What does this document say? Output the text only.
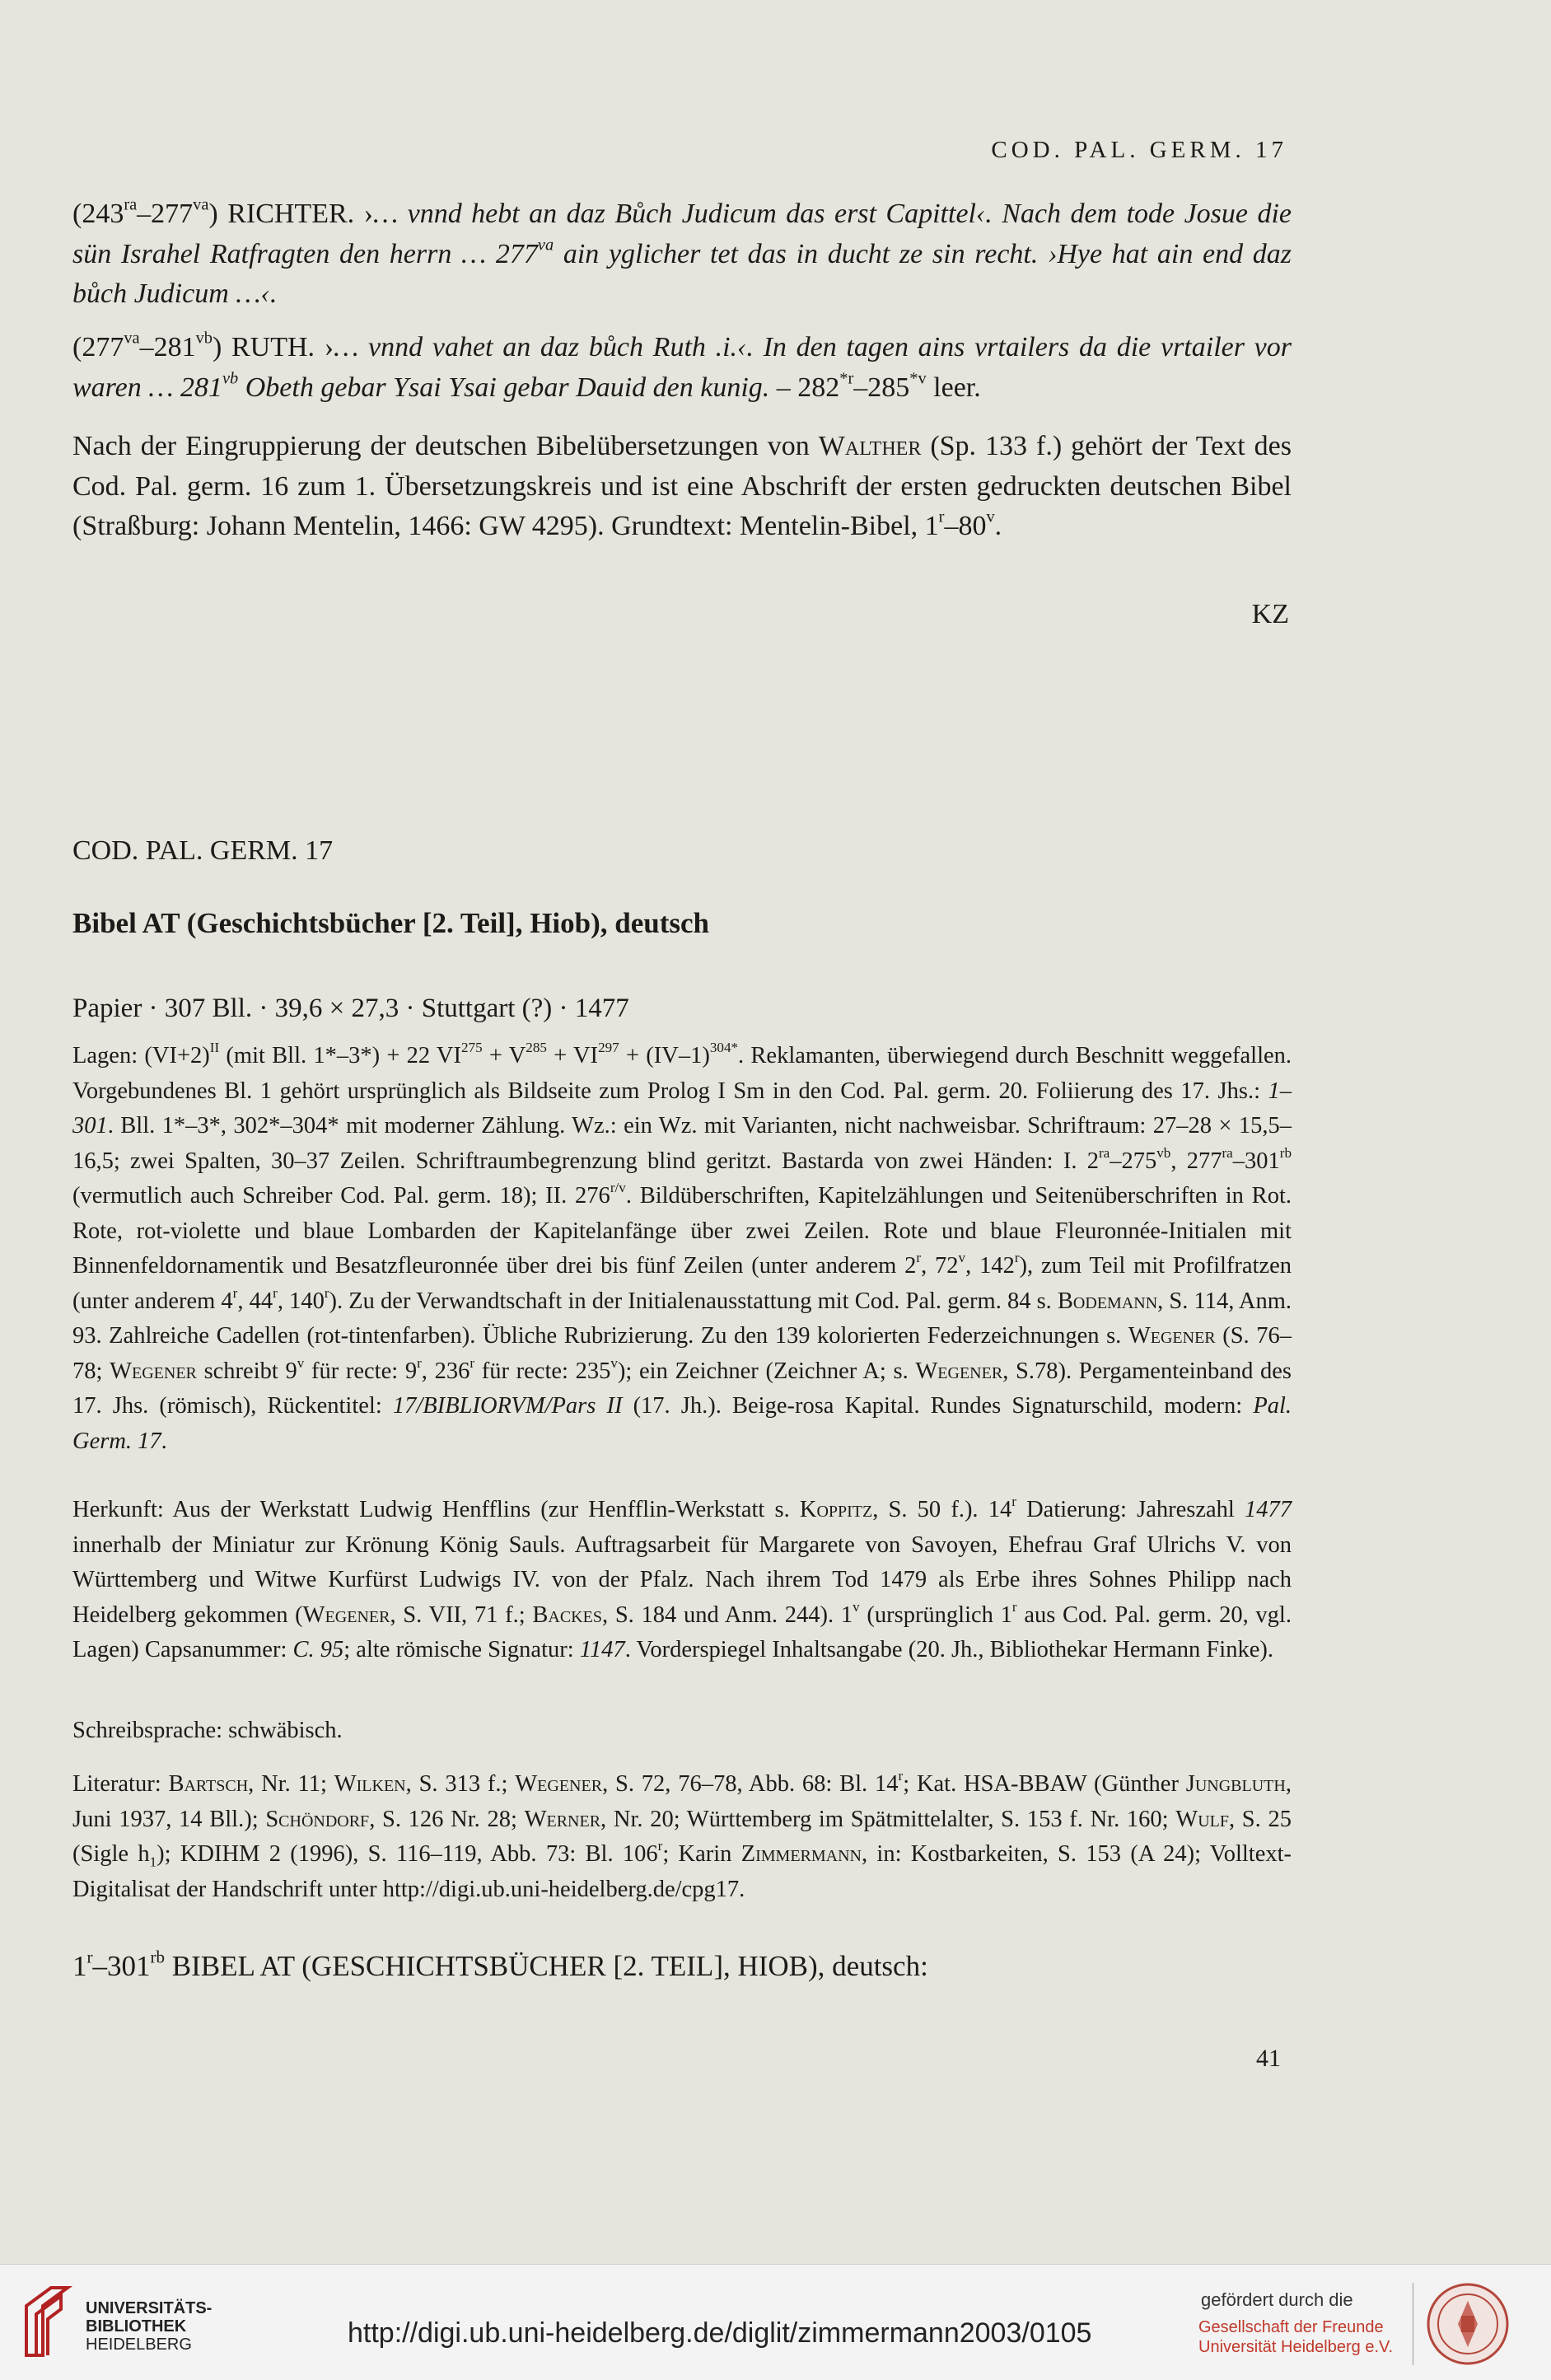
COD. PAL. GERM. 17

$(243^{ra}-277^{va})$ RICHTER. ›… vnnd hebt an daz Bůch Judicum das erst Capittel‹. Nach dem tode Josue die sün Israhel Ratfragten den herrn … $277^{va}$ ain yglicher tet das in ducht ze sin recht. ›Hye hat ain end daz bůch Judicum …‹.

$(277^{va}-281^{vb})$ RUTH. ›… vnnd vahet an daz bůch Ruth .i.‹. In den tagen ains vrtailers da die vrtailer vor waren … $281^{vb}$ Obeth gebar Ysai Ysai gebar Dauid den kunig. – 282$^{*r}$–285$^{*v}$ leer.

Nach der Eingruppierung der deutschen Bibelübersetzungen von Walther (Sp. 133 f.) gehört der Text des Cod. Pal. germ. 16 zum 1. Übersetzungskreis und ist eine Abschrift der ersten gedruckten deutschen Bibel (Straßburg: Johann Mentelin, 1466: GW 4295). Grundtext: Mentelin-Bibel, 1$^r$–80$^v$.

KZ
COD. PAL. GERM. 17
Bibel AT (Geschichtsbücher [2. Teil], Hiob), deutsch
Papier · 307 Bll. · 39,6 × 27,3 · Stuttgart (?) · 1477

Lagen: $(VI+2)^{II}$ (mit Bll. 1*–3*) + 22 $VI^{275} + V^{285} + VI^{297} + (IV-1)^{304*}$. Reklamanten, überwiegend durch Beschnitt weggefallen. Vorgebundenes Bl. 1 gehört ursprünglich als Bildseite zum Prolog I Sm in den Cod. Pal. germ. 20. Foliierung des 17. Jhs.: 1–301. Bll. 1*–3*, 302*–304* mit moderner Zählung. Wz.: ein Wz. mit Varianten, nicht nachweisbar. Schriftraum: 27–28 × 15,5–16,5; zwei Spalten, 30–37 Zeilen. Schriftraumbegrenzung blind geritzt. Bastarda von zwei Händen: I. $2^{ra}-275^{vb}$, $277^{ra}-301^{rb}$ (vermutlich auch Schreiber Cod. Pal. germ. 18); II. $276^{r/v}$. Bildüberschriften, Kapitelzählungen und Seitenüberschriften in Rot. Rote, rot-violette und blaue Lombarden der Kapitelanfänge über zwei Zeilen. Rote und blaue Fleuronnée-Initialen mit Binnenfeldornamentik und Besatzfleuronnée über drei bis fünf Zeilen (unter anderem 2$^r$, 72$^v$, 142$^r$), zum Teil mit Profilfratzen (unter anderem 4$^r$, 44$^r$, 140$^r$). Zu der Verwandtschaft in der Initialenausstattung mit Cod. Pal. germ. 84 s. Bodemann, S. 114, Anm. 93. Zahlreiche Cadellen (rot-tintenfarben). Übliche Rubrizierung. Zu den 139 kolorierten Federzeichnungen s. Wegener (S. 76–78; Wegener schreibt 9$^v$ für recte: 9$^r$, 236$^r$ für recte: 235$^v$); ein Zeichner (Zeichner A; s. Wegener, S.78). Pergamenteinband des 17. Jhs. (römisch), Rückentitel: 17/BIBLIORVM/Pars II (17. Jh.). Beige-rosa Kapital. Rundes Signaturschild, modern: Pal. Germ. 17.

Herkunft: Aus der Werkstatt Ludwig Henfflins (zur Henfflin-Werkstatt s. Koppitz, S. 50 f.). 14$^r$ Datierung: Jahreszahl 1477 innerhalb der Miniatur zur Krönung König Sauls. Auftragsarbeit für Margarete von Savoyen, Ehefrau Graf Ulrichs V. von Württemberg und Witwe Kurfürst Ludwigs IV. von der Pfalz. Nach ihrem Tod 1479 als Erbe ihres Sohnes Philipp nach Heidelberg gekommen (Wegener, S. VII, 71 f.; Backes, S. 184 und Anm. 244). 1$^v$ (ursprünglich 1$^r$ aus Cod. Pal. germ. 20, vgl. Lagen) Capsanummer: C. 95; alte römische Signatur: 1147. Vorderspiegel Inhaltsangabe (20. Jh., Bibliothekar Hermann Finke).

Schreibsprache: schwäbisch.

Literatur: Bartsch, Nr. 11; Wilken, S. 313 f.; Wegener, S. 72, 76–78, Abb. 68: Bl. 14$^r$; Kat. HSA-BBAW (Günther Jungbluth, Juni 1937, 14 Bll.); Schöndorf, S. 126 Nr. 28; Werner, Nr. 20; Württemberg im Spätmittelalter, S. 153 f. Nr. 160; Wulf, S. 25 (Sigle $h_1$); KDIHM 2 (1996), S. 116–119, Abb. 73: Bl. 106$^r$; Karin Zimmermann, in: Kostbarkeiten, S. 153 (A 24); Volltext-Digitalisat der Handschrift unter http://digi.ub.uni-heidelberg.de/cpg17.

$1^r-301^{rb}$ BIBEL AT (GESCHICHTSBÜCHER [2. TEIL], HIOB), deutsch:
41
UNIVERSITÄTS-
BIBLIOTHEK
HEIDELBERG	http://digi.ub.uni-heidelberg.de/diglit/zimmermann2003/0105
gefördert durch die
Gesellschaft der Freunde
Universität Heidelberg e.V.
